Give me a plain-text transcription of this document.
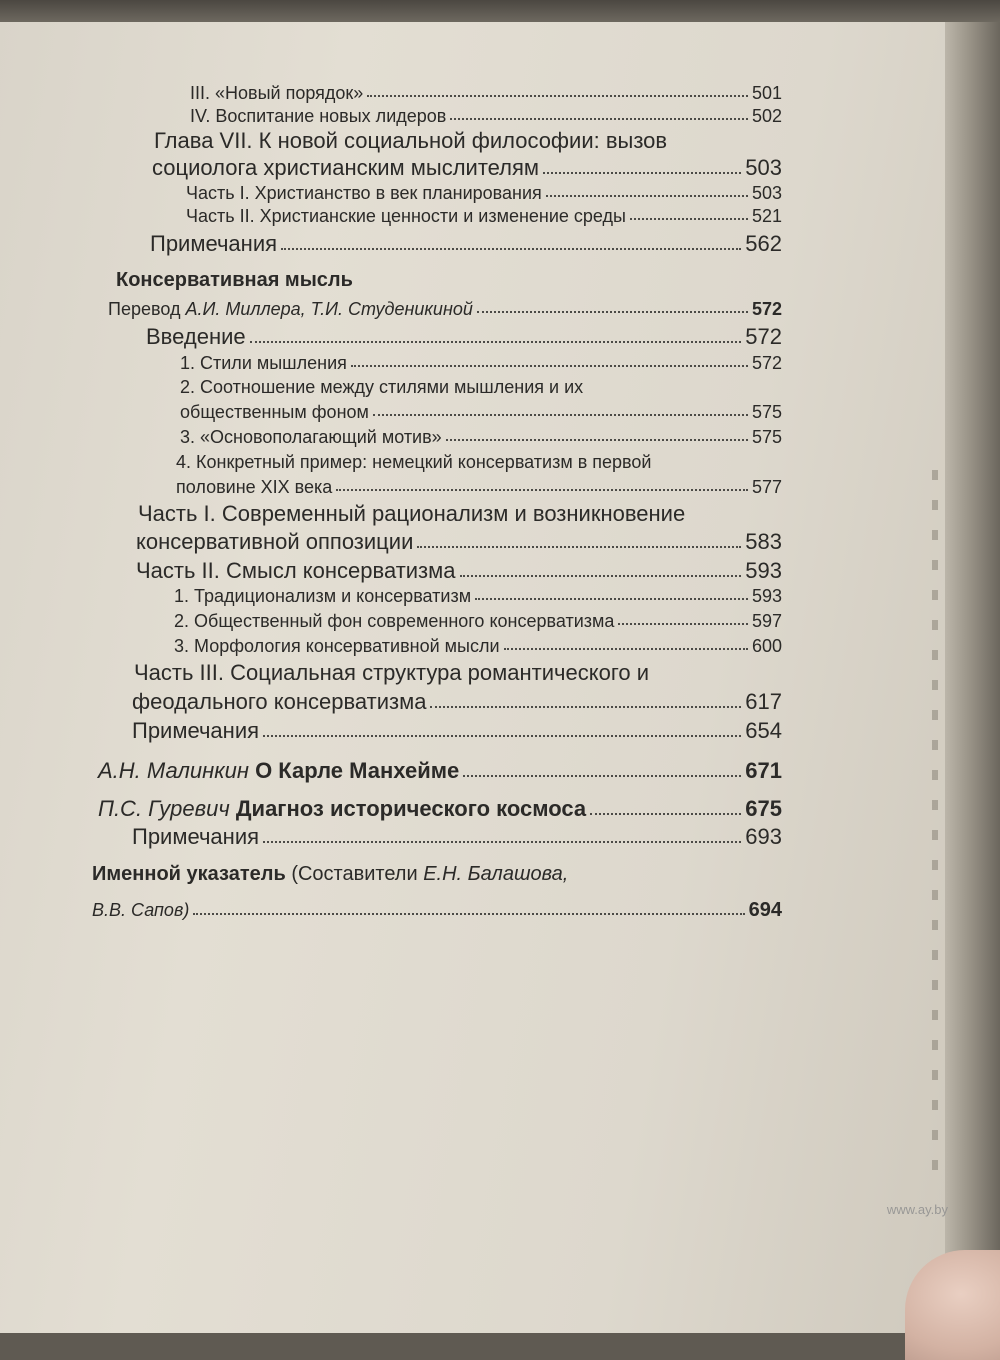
III. «Новый порядок»	501
IV. Воспитание новых лидеров	502
Глава VII. К новой социальной философии: вызов
социолога христианским мыслителям	503
Часть I. Христианство в век планирования	503
Часть II. Христианские ценности и изменение среды	521
Примечания	562
Консервативная мысль
Перевод А.И. Миллера, Т.И. Студеникиной	572
Введение	572
1. Стили мышления	572
2. Соотношение между стилями мышления и их
общественным фоном	575
3. «Основополагающий мотив»	575
4. Конкретный пример: немецкий консерватизм в первой
половине XIX века	577
Часть I. Современный рационализм и возникновение
консервативной оппозиции	583
Часть II. Смысл консерватизма	593
1. Традиционализм и консерватизм	593
2. Общественный фон современного консерватизма	597
3. Морфология консервативной мысли	600
Часть III. Социальная структура романтического и
феодального консерватизма	617
Примечания	654
А.Н. Малинкин О Карле Манхейме	671
П.С. Гуревич Диагноз исторического космоса	675
Примечания	693
Именной указатель (Составители Е.Н. Балашова,
В.В. Сапов)	694
www.ay.by
